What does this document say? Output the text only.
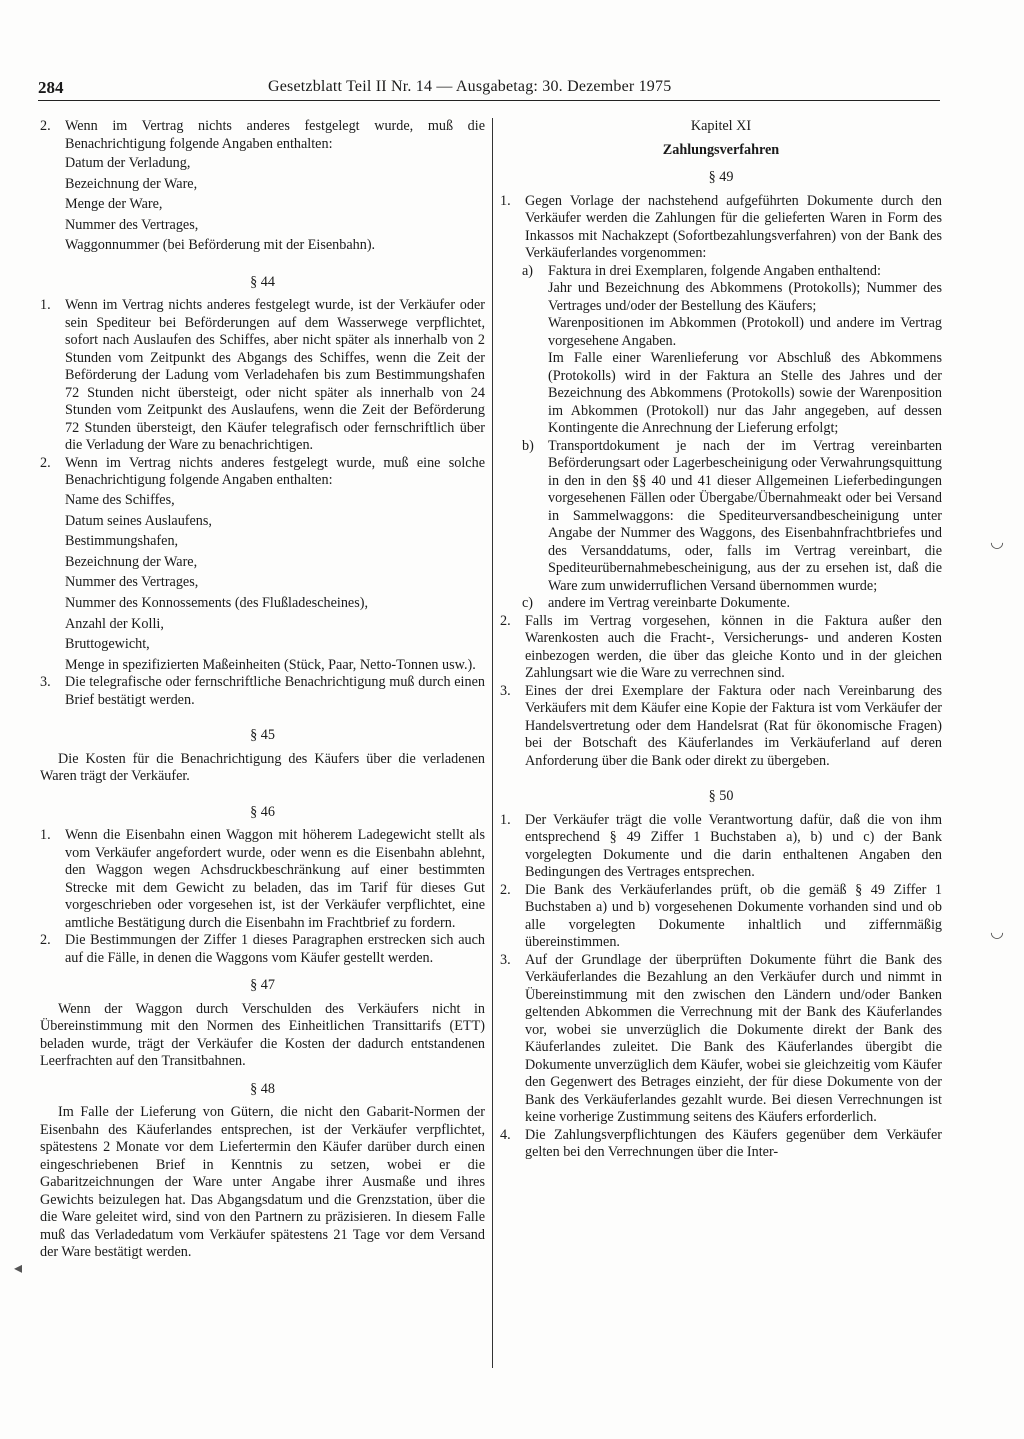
284	Gesetzblatt Teil II Nr. 14 — Ausgabetag: 30. Dezember 1975
2. Wenn im Vertrag nichts anderes festgelegt wurde, muß die Benachrichtigung folgende Angaben enthalten:
Datum der Verladung,
Bezeichnung der Ware,
Menge der Ware,
Nummer des Vertrages,
Waggonnummer (bei Beförderung mit der Eisenbahn).

§ 44

1. Wenn im Vertrag nichts anderes festgelegt wurde, ist der Verkäufer oder sein Spediteur bei Beförderungen auf dem Wasserwege verpflichtet, sofort nach Auslaufen des Schiffes, aber nicht später als innerhalb von 2 Stunden vom Zeitpunkt des Abgangs des Schiffes, wenn die Zeit der Beförderung der Ladung vom Verladehafen bis zum Bestimmungshafen 72 Stunden nicht übersteigt, oder nicht später als innerhalb von 24 Stunden vom Zeitpunkt des Auslaufens, wenn die Zeit der Beförderung 72 Stunden übersteigt, den Käufer telegrafisch oder fernschriftlich über die Verladung der Ware zu benachrichtigen.
2. Wenn im Vertrag nichts anderes festgelegt wurde, muß eine solche Benachrichtigung folgende Angaben enthalten:
Name des Schiffes,
Datum seines Auslaufens,
Bestimmungshafen,
Bezeichnung der Ware,
Nummer des Vertrages,
Nummer des Konnossements (des Flußladescheines),
Anzahl der Kolli,
Bruttogewicht,
Menge in spezifizierten Maßeinheiten (Stück, Paar, Netto-Tonnen usw.).
3. Die telegrafische oder fernschriftliche Benachrichtigung muß durch einen Brief bestätigt werden.

§ 45

Die Kosten für die Benachrichtigung des Käufers über die verladenen Waren trägt der Verkäufer.

§ 46

1. Wenn die Eisenbahn einen Waggon mit höherem Ladegewicht stellt als vom Verkäufer angefordert wurde, oder wenn es die Eisenbahn ablehnt, den Waggon wegen Achsdruckbeschränkung auf einer bestimmten Strecke mit dem Gewicht zu beladen, das im Tarif für dieses Gut vorgeschrieben oder vorgesehen ist, ist der Verkäufer verpflichtet, eine amtliche Bestätigung durch die Eisenbahn im Frachtbrief zu fordern.
2. Die Bestimmungen der Ziffer 1 dieses Paragraphen erstrecken sich auch auf die Fälle, in denen die Waggons vom Käufer gestellt werden.

§ 47

Wenn der Waggon durch Verschulden des Verkäufers nicht in Übereinstimmung mit den Normen des Einheitlichen Transittarifs (ETT) beladen wurde, trägt der Verkäufer die Kosten der dadurch entstandenen Leerfrachten auf den Transitbahnen.

§ 48

Im Falle der Lieferung von Gütern, die nicht den Gabarit-Normen der Eisenbahn des Käuferlandes entsprechen, ist der Verkäufer verpflichtet, spätestens 2 Monate vor dem Liefertermin den Käufer darüber durch einen eingeschriebenen Brief in Kenntnis zu setzen, wobei er die Gabaritzeichnungen der Ware unter Angabe ihrer Ausmaße und ihres Gewichts beizulegen hat. Das Abgangsdatum und die Grenzstation, über die die Ware geleitet wird, sind von den Partnern zu präzisieren. In diesem Falle muß das Verladedatum vom Verkäufer spätestens 21 Tage vor dem Versand der Ware bestätigt werden.

Kapitel XI

Zahlungsverfahren

§ 49

1. Gegen Vorlage der nachstehend aufgeführten Dokumente durch den Verkäufer werden die Zahlungen für die gelieferten Waren in Form des Inkassos mit Nachakzept (Sofortbezahlungsverfahren) von der Bank des Verkäuferlandes vorgenommen:
a) Faktura in drei Exemplaren, folgende Angaben enthaltend:

Jahr und Bezeichnung des Abkommens (Protokolls); Nummer des Vertrages und/oder der Bestellung des Käufers;

Warenpositionen im Abkommen (Protokoll) und andere im Vertrag vorgesehene Angaben.

Im Falle einer Warenlieferung vor Abschluß des Abkommens (Protokolls) wird in der Faktura an Stelle des Jahres und der Bezeichnung des Abkommens (Protokolls) sowie der Warenposition im Abkommen (Protokoll) nur das Jahr angegeben, auf dessen Kontingente die Anrechnung der Lieferung erfolgt;

b) Transportdokument je nach der im Vertrag vereinbarten Beförderungsart oder Lagerbescheinigung oder Verwahrungsquittung in den in den §§ 40 und 41 dieser Allgemeinen Lieferbedingungen vorgesehenen Fällen oder Übergabe/Übernahmeakt oder bei Versand in Sammelwaggons: die Spediteurversandbescheinigung unter Angabe der Nummer des Waggons, des Eisenbahnfrachtbriefes und des Versanddatums, oder, falls im Vertrag vereinbart, die Spediteurübernahmebescheinigung, aus der zu ersehen ist, daß die Ware zum unwiderruflichen Versand übernommen wurde;
c) andere im Vertrag vereinbarte Dokumente.
2. Falls im Vertrag vorgesehen, können in die Faktura außer den Warenkosten auch die Fracht-, Versicherungs- und anderen Kosten einbezogen werden, die über das gleiche Konto und in der gleichen Zahlungsart wie die Ware zu verrechnen sind.
3. Eines der drei Exemplare der Faktura oder nach Vereinbarung des Verkäufers mit dem Käufer eine Kopie der Faktura ist vom Verkäufer der Handelsvertretung oder dem Handelsrat (Rat für ökonomische Fragen) bei der Botschaft des Käuferlandes im Verkäuferland auf deren Anforderung über die Bank oder direkt zu übergeben.

§ 50

1. Der Verkäufer trägt die volle Verantwortung dafür, daß die von ihm entsprechend § 49 Ziffer 1 Buchstaben a), b) und c) der Bank vorgelegten Dokumente und die darin enthaltenen Angaben den Bedingungen des Vertrages entsprechen.
2. Die Bank des Verkäuferlandes prüft, ob die gemäß § 49 Ziffer 1 Buchstaben a) und b) vorgesehenen Dokumente vorhanden sind und ob alle vorgelegten Dokumente inhaltlich und ziffernmäßig übereinstimmen.
3. Auf der Grundlage der überprüften Dokumente führt die Bank des Verkäuferlandes die Bezahlung an den Verkäufer durch und nimmt in Übereinstimmung mit den zwischen den Ländern und/oder Banken geltenden Abkommen die Verrechnung mit der Bank des Käuferlandes vor, wobei sie unverzüglich die Dokumente direkt der Bank des Käuferlandes zuleitet. Die Bank des Käuferlandes übergibt die Dokumente unverzüglich dem Käufer, wobei sie gleichzeitig vom Käufer den Gegenwert des Betrages einzieht, der für diese Dokumente von der Bank des Verkäuferlandes gezahlt wurde. Bei diesen Verrechnungen ist keine vorherige Zustimmung seitens des Käufers erforderlich.
4. Die Zahlungsverpflichtungen des Käufers gegenüber dem Verkäufer gelten bei den Verrechnungen über die Inter-
◡
◡
◂
